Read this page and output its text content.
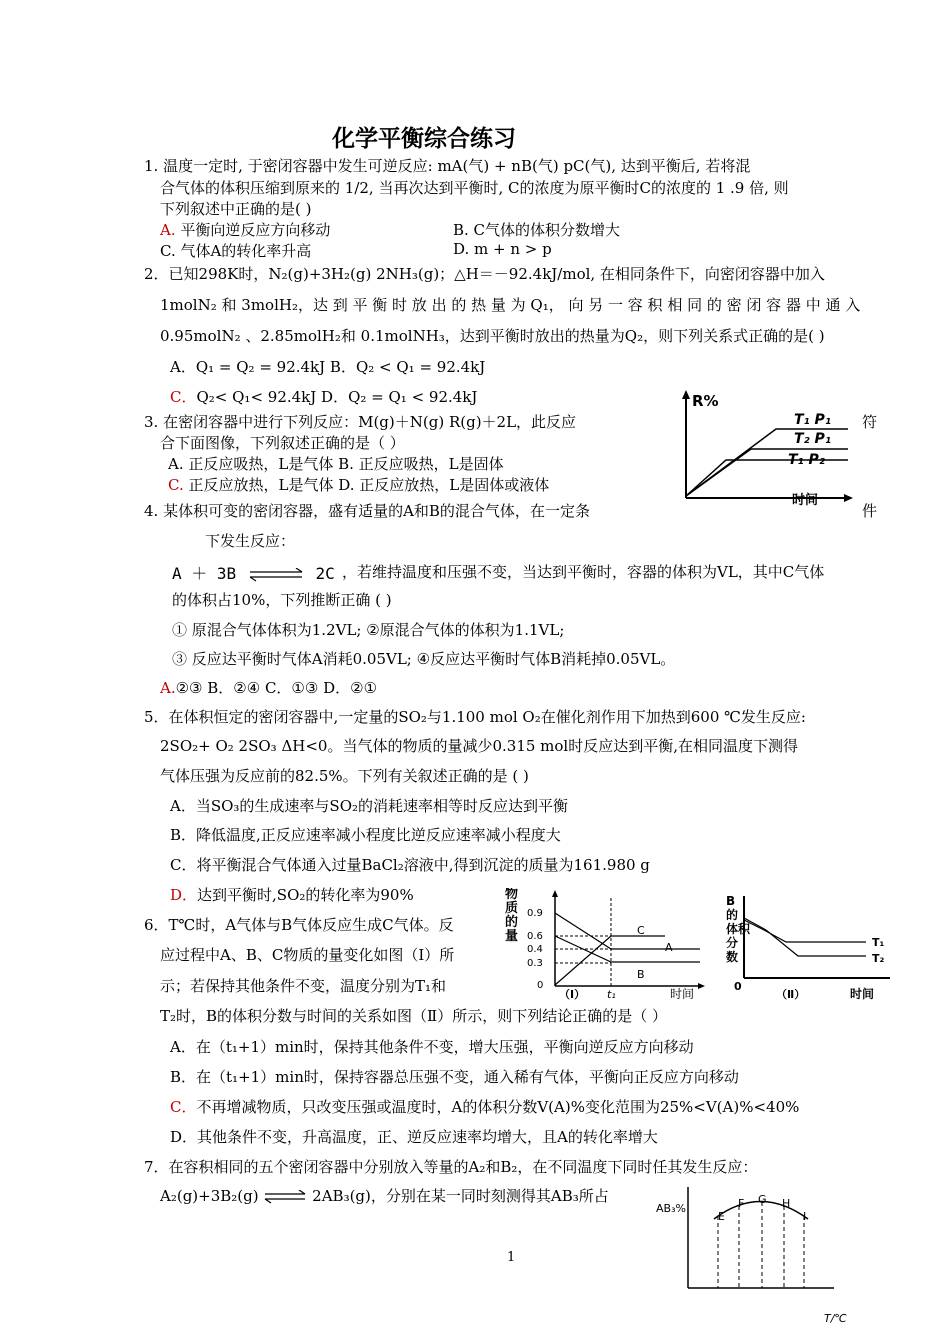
化学平衡综合练习
1. 温度一定时, 于密闭容器中发生可逆反应: mA(气) + nB(气) pC(气), 达到平衡后, 若将混
合气体的体积压缩到原来的 1/2, 当再次达到平衡时, C的浓度为原平衡时C的浓度的 1 .9 倍, 则
下列叙述中正确的是( )
A. 平衡向逆反应方向移动	B. C气体的体积分数增大
C. 气体A的转化率升高	D. m + n > p
2．已知298K时，N₂(g)+3H₂(g) 2NH₃(g)；△H＝－92.4kJ/mol, 在相同条件下，向密闭容器中加入
1molN₂ 和 3molH₂，达 到 平 衡 时 放 出 的 热 量 为 Q₁， 向 另 一 容 积 相 同 的 密 闭 容 器 中 通 入
0.95molN₂ 、2.85molH₂和 0.1molNH₃，达到平衡时放出的热量为Q₂，则下列关系式正确的是( )
A．Q₁ = Q₂ = 92.4kJ B．Q₂ < Q₁ = 92.4kJ
C．Q₂< Q₁< 92.4kJ D．Q₂ = Q₁ < 92.4kJ
3. 在密闭容器中进行下列反应：M(g)＋N(g) R(g)＋2L，此反应	符
合下面图像，下列叙述正确的是（ ）
A. 正反应吸热，L是气体 B. 正反应吸热，L是固体
C. 正反应放热，L是气体 D. 正反应放热，L是固体或液体
R%
时间
T₁ P₁
T₂ P₁
T₁ P₂
4. 某体积可变的密闭容器，盛有适量的A和B的混合气体，在一定条	件
下发生反应：
A ＋ 3B ⇌ 2C ，若维持温度和压强不变，当达到平衡时，容器的体积为VL，其中C气体
的体积占10%，下列推断正确 ( )
① 原混合气体体积为1.2VL; ②原混合气体的体积为1.1VL;
③ 反应达平衡时气体A消耗0.05VL; ④反应达平衡时气体B消耗掉0.05VL。
A.②③ B．②④ C．①③ D．②①
5．在体积恒定的密闭容器中,一定量的SO₂与1.100 mol O₂在催化剂作用下加热到600 ℃发生反应:
2SO₂+ O₂ 2SO₃ ΔH<0。当气体的物质的量减少0.315 mol时反应达到平衡,在相同温度下测得
气体压强为反应前的82.5%。下列有关叙述正确的是 ( )
A．当SO₃的生成速率与SO₂的消耗速率相等时反应达到平衡
B．降低温度,正反应速率减小程度比逆反应速率减小程度大
C．将平衡混合气体通入过量BaCl₂溶液中,得到沉淀的质量为161.980 g
D．达到平衡时,SO₂的转化率为90%
6．T℃时，A气体与B气体反应生成C气体。反
应过程中A、B、C物质的量变化如图（Ⅰ）所
示；若保持其他条件不变，温度分别为T₁和
T₂时，B的体积分数与时间的关系如图（Ⅱ）所示，则下列结论正确的是（ ）
A．在（t₁+1）min时，保持其他条件不变，增大压强，平衡向逆反应方向移动
B．在（t₁+1）min时，保持容器总压强不变，通入稀有气体，平衡向正反应方向移动
C．不再增减物质，只改变压强或温度时，A的体积分数V(A)%变化范围为25%<V(A)%<40%
D．其他条件不变，升高温度，正、逆反应速率均增大，且A的转化率增大
物
质
的
量
0.9
0.6
0.4
0.3
0
（Ⅰ） t₁	时间
C
A
B
B
的
体积
分
数
0
（Ⅱ）	时间
T₁
T₂
7．在容积相同的五个密闭容器中分别放入等量的A₂和B₂，在不同温度下同时任其发生反应：
A₂(g)+3B₂(g) ⇌ 2AB₃(g)，分别在某一同时刻测得其AB₃所占
AB₃%
T/℃
E
F G H
I
1
